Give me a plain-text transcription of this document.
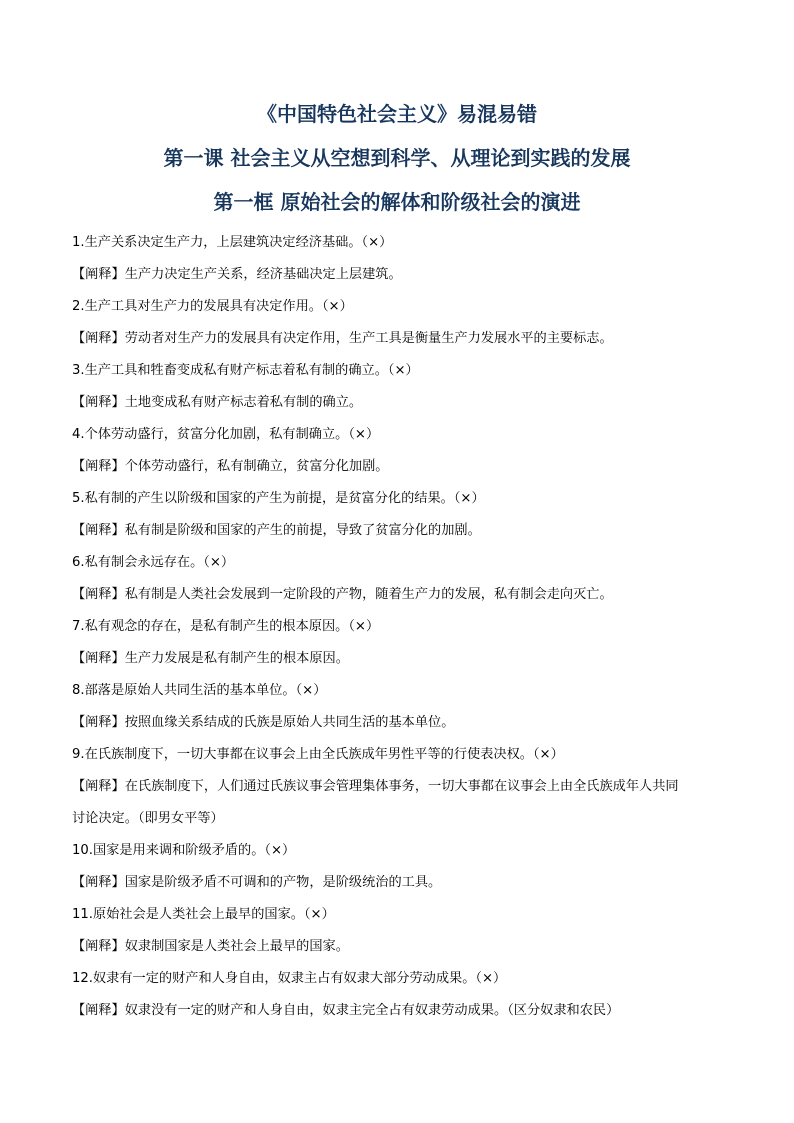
《中国特色社会主义》易混易错
第一课 社会主义从空想到科学、从理论到实践的发展
第一框 原始社会的解体和阶级社会的演进
1.生产关系决定生产力，上层建筑决定经济基础。（×）
【阐释】生产力决定生产关系，经济基础决定上层建筑。
2.生产工具对生产力的发展具有决定作用。（×）
【阐释】劳动者对生产力的发展具有决定作用，生产工具是衡量生产力发展水平的主要标志。
3.生产工具和牲畜变成私有财产标志着私有制的确立。（×）
【阐释】土地变成私有财产标志着私有制的确立。
4.个体劳动盛行，贫富分化加剧，私有制确立。（×）
【阐释】个体劳动盛行，私有制确立，贫富分化加剧。
5.私有制的产生以阶级和国家的产生为前提，是贫富分化的结果。（×）
【阐释】私有制是阶级和国家的产生的前提，导致了贫富分化的加剧。
6.私有制会永远存在。（×）
【阐释】私有制是人类社会发展到一定阶段的产物，随着生产力的发展，私有制会走向灭亡。
7.私有观念的存在，是私有制产生的根本原因。（×）
【阐释】生产力发展是私有制产生的根本原因。
8.部落是原始人共同生活的基本单位。（×）
【阐释】按照血缘关系结成的氏族是原始人共同生活的基本单位。
9.在氏族制度下，一切大事都在议事会上由全氏族成年男性平等的行使表决权。（×）
【阐释】在氏族制度下，人们通过氏族议事会管理集体事务，一切大事都在议事会上由全氏族成年人共同
讨论决定。（即男女平等）
10.国家是用来调和阶级矛盾的。（×）
【阐释】国家是阶级矛盾不可调和的产物，是阶级统治的工具。
11.原始社会是人类社会上最早的国家。（×）
【阐释】奴隶制国家是人类社会上最早的国家。
12.奴隶有一定的财产和人身自由，奴隶主占有奴隶大部分劳动成果。（×）
【阐释】奴隶没有一定的财产和人身自由，奴隶主完全占有奴隶劳动成果。（区分奴隶和农民）
